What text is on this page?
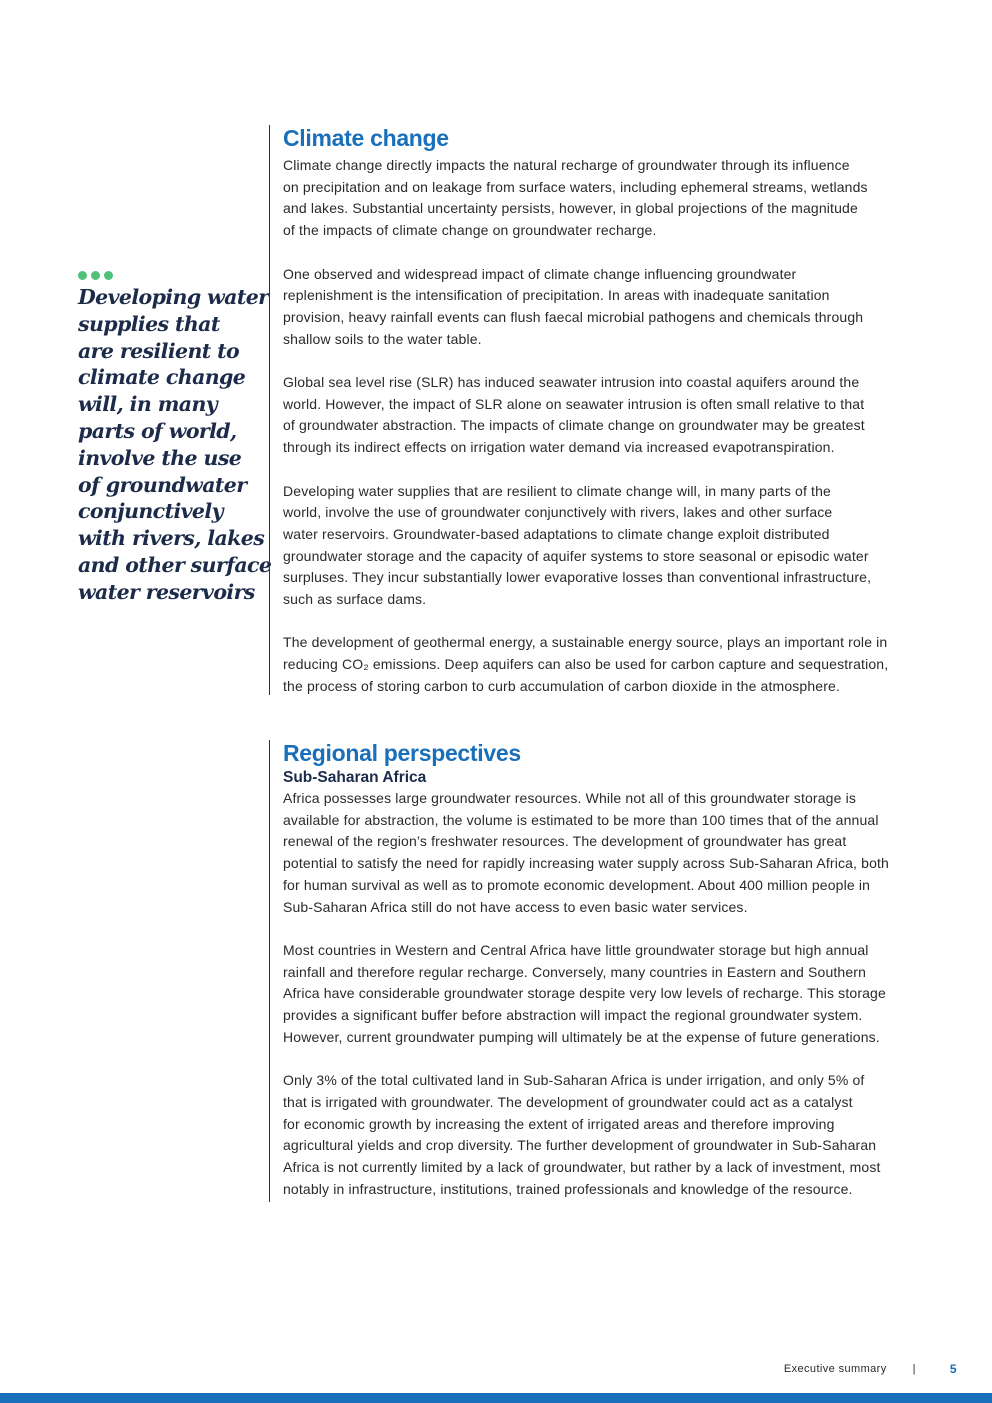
Developing water
supplies that
are resilient to
climate change
will, in many
parts of world,
involve the use
of groundwater
conjunctively
with rivers, lakes
and other surface
water reservoirs
Climate change
Climate change directly impacts the natural recharge of groundwater through its influence
on precipitation and on leakage from surface waters, including ephemeral streams, wetlands
and lakes. Substantial uncertainty persists, however, in global projections of the magnitude
of the impacts of climate change on groundwater recharge.
One observed and widespread impact of climate change influencing groundwater
replenishment is the intensification of precipitation. In areas with inadequate sanitation
provision, heavy rainfall events can flush faecal microbial pathogens and chemicals through
shallow soils to the water table.
Global sea level rise (SLR) has induced seawater intrusion into coastal aquifers around the
world. However, the impact of SLR alone on seawater intrusion is often small relative to that
of groundwater abstraction. The impacts of climate change on groundwater may be greatest
through its indirect effects on irrigation water demand via increased evapotranspiration.
Developing water supplies that are resilient to climate change will, in many parts of the
world, involve the use of groundwater conjunctively with rivers, lakes and other surface
water reservoirs. Groundwater-based adaptations to climate change exploit distributed
groundwater storage and the capacity of aquifer systems to store seasonal or episodic water
surpluses. They incur substantially lower evaporative losses than conventional infrastructure,
such as surface dams.
The development of geothermal energy, a sustainable energy source, plays an important role in
reducing CO₂ emissions. Deep aquifers can also be used for carbon capture and sequestration,
the process of storing carbon to curb accumulation of carbon dioxide in the atmosphere.
Regional perspectives
Sub-Saharan Africa
Africa possesses large groundwater resources. While not all of this groundwater storage is
available for abstraction, the volume is estimated to be more than 100 times that of the annual
renewal of the region’s freshwater resources. The development of groundwater has great
potential to satisfy the need for rapidly increasing water supply across Sub-Saharan Africa, both
for human survival as well as to promote economic development. About 400 million people in
Sub-Saharan Africa still do not have access to even basic water services.
Most countries in Western and Central Africa have little groundwater storage but high annual
rainfall and therefore regular recharge. Conversely, many countries in Eastern and Southern
Africa have considerable groundwater storage despite very low levels of recharge. This storage
provides a significant buffer before abstraction will impact the regional groundwater system.
However, current groundwater pumping will ultimately be at the expense of future generations.
Only 3% of the total cultivated land in Sub-Saharan Africa is under irrigation, and only 5% of
that is irrigated with groundwater. The development of groundwater could act as a catalyst
for economic growth by increasing the extent of irrigated areas and therefore improving
agricultural yields and crop diversity. The further development of groundwater in Sub-Saharan
Africa is not currently limited by a lack of groundwater, but rather by a lack of investment, most
notably in infrastructure, institutions, trained professionals and knowledge of the resource.
Executive summary |	5
